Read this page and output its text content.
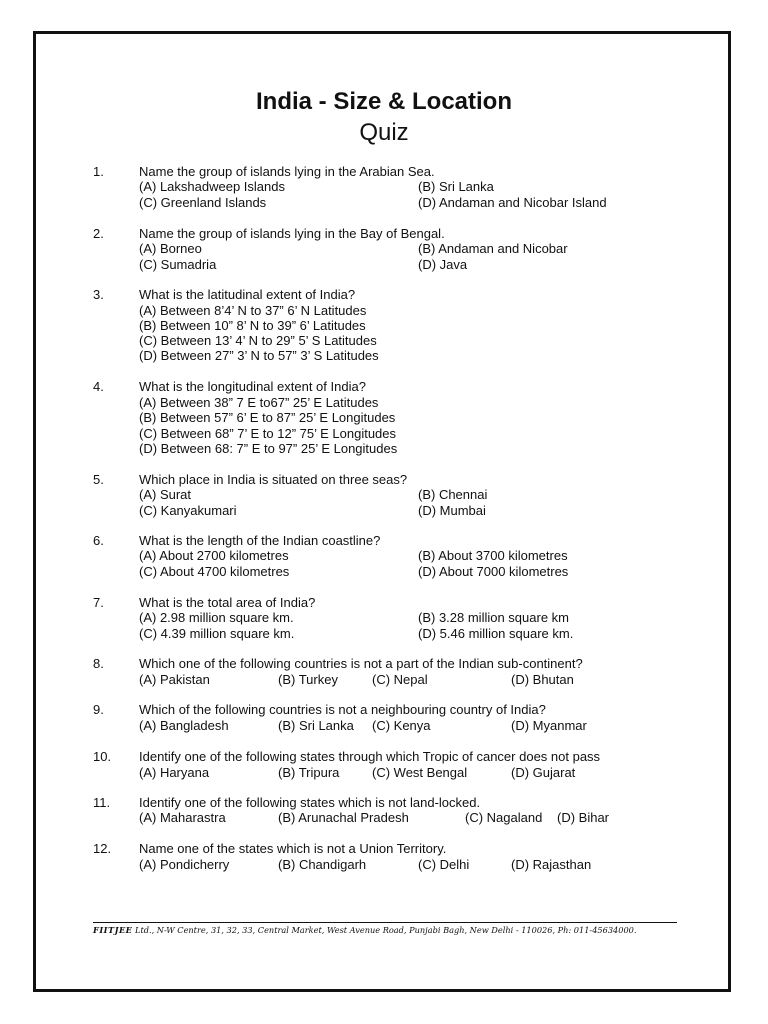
India - Size & Location
Quiz
1.	Name the group of islands lying in the Arabian Sea.
(A) Lakshadweep Islands	(B) Sri Lanka
(C) Greenland Islands	(D) Andaman and Nicobar Island
2.	Name the group of islands lying in the Bay of Bengal.
(A) Borneo	(B) Andaman and Nicobar
(C) Sumadria	(D) Java
3.	What is the latitudinal extent of India?
(A) Between 8’4’ N to 37” 6’ N Latitudes
(B) Between 10” 8’ N to 39” 6’ Latitudes
(C) Between 13’ 4’ N to 29” 5’ S Latitudes
(D) Between 27” 3’ N to 57” 3’ S Latitudes
4.	What is the longitudinal extent of India?
(A) Between 38” 7 E to67” 25’ E Latitudes
(B) Between 57” 6’ E to 87” 25’ E Longitudes
(C) Between 68” 7’ E to 12” 75’ E Longitudes
(D) Between 68: 7” E to 97” 25’ E Longitudes
5.	Which place in India is situated on three seas?
(A) Surat	(B) Chennai
(C) Kanyakumari	(D) Mumbai
6.	What is the length of the Indian coastline?
(A) About 2700 kilometres	(B) About 3700 kilometres
(C) About 4700 kilometres	(D) About 7000 kilometres
7.	What is the total area of India?
(A) 2.98 million square km.	(B) 3.28 million square km
(C) 4.39 million square km.	(D) 5.46 million square km.
8.	Which one of the following countries is not a part of the Indian sub-continent?
(A) Pakistan	(B) Turkey	(C) Nepal	(D) Bhutan
9.	Which of the following countries is not a neighbouring country of India?
(A) Bangladesh	(B) Sri Lanka (C) Kenya	(D) Myanmar
10. Identify one of the following states through which Tropic of cancer does not pass
(A) Haryana	(B) Tripura	(C) West Bengal	(D) Gujarat
11. Identify one of the following states which is not land-locked.
(A) Maharastra	(B) Arunachal Pradesh	(C) Nagaland (D) Bihar
12. Name one of the states which is not a Union Territory.
(A) Pondicherry	(B) Chandigarh	(C) Delhi	(D) Rajasthan
FIITJEE Ltd., N-W Centre, 31, 32, 33, Central Market, West Avenue Road, Punjabi Bagh, New Delhi - 110026, Ph: 011-45634000.
